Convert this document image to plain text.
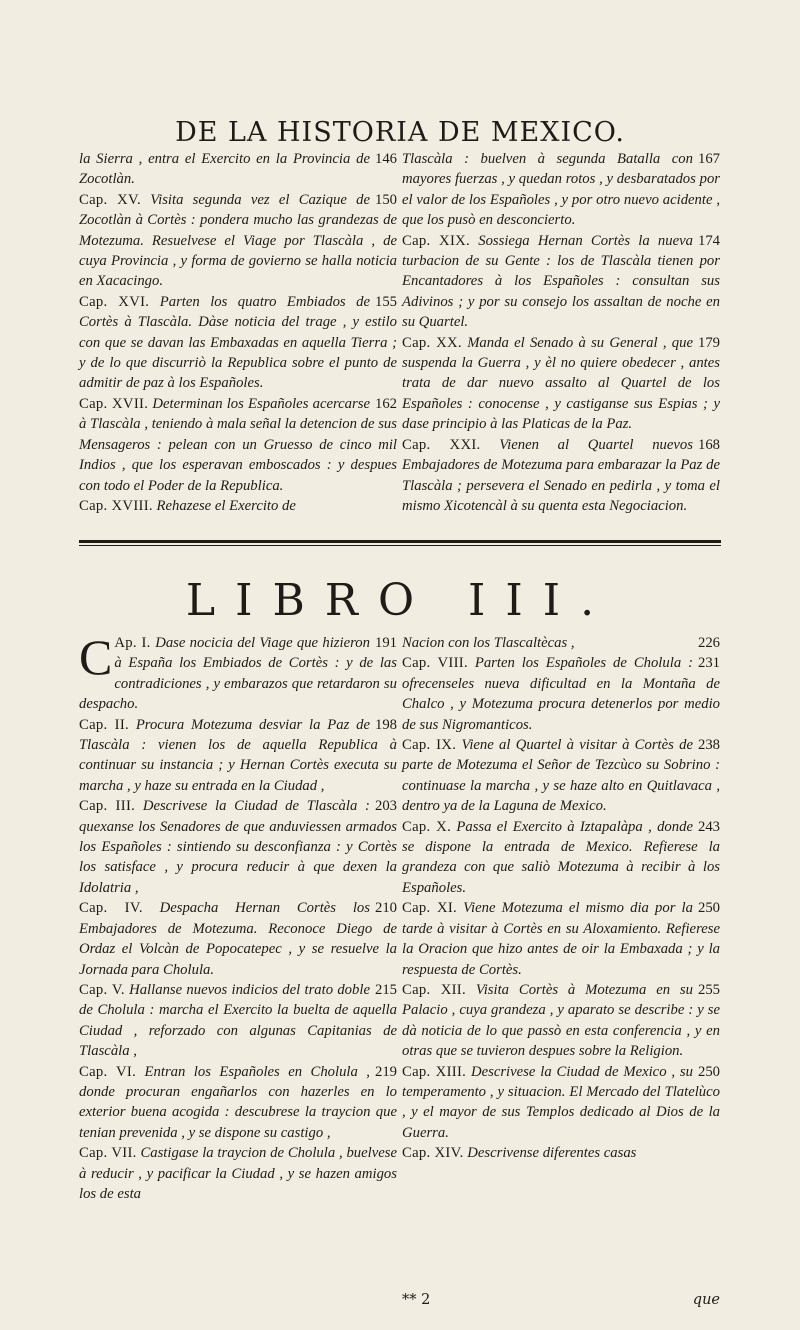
DE LA HISTORIA DE MEXICO.

146
la Sierra , entra el Exercito en la Provincia de Zocotlàn.

Cap. XV.	150
Visita segunda vez el Cazique de Zocotlàn à Cortès : pondera mucho las grandezas de Motezuma. Resuelvese el Viage por Tlascàla , de cuya Provincia , y forma de govierno se halla noticia en Xacacingo.

Cap. XVI.	155
Parten los quatro Embiados de Cortès à Tlascàla. Dàse noticia del trage , y estilo con que se davan las Embaxadas en aquella Tierra ; y de lo que discurriò la Republica sobre el punto de admitir de paz à los Españoles.

Cap. XVII.	162
Determinan los Españoles acercarse à Tlascàla , teniendo à mala señal la detencion de sus Mensageros : pelean con un Gruesso de cinco mil Indios , que los esperavan embosc​ados : y despues con todo el Poder de la Republica.

Cap. XVIII. Rehazese el Exercito de

167
Tlascàla : buelven à segunda Batalla con mayores fuerzas , y quedan rotos , y desbaratados por el valor de los Españoles , y por otro nuevo acidente , que los pusò en desconcierto.

Cap. XIX.	174
Sossiega Hernan Cortès la nueva turbacion de su Gente : los de Tlascàla tienen por Encantadores à los Españoles : consultan sus Adivinos ; y por su consejo los assaltan de noche en su Quartel.

Cap. XX.	179
Manda el Senado à su General , que suspenda la Guerra , y èl no quiere obedecer , antes trata de dar nuevo assalto al Quartel de los Españoles : conocense , y castiganse sus Espias ; y dase principio à las Platicas de la Paz.

Cap. XXI.	168
Vienen al Quartel nuevos Embajadores de Motezuma para embarazar la Paz de Tlascàla ; persevera el Senado en pedirla , y toma el mismo Xicotencàl à su quenta esta Negociacion.

LIBRO III.

C Ap. I.	191
Dase nocicia del Viage que hizieron à España los Embiados de Cortès : y de las contradiciones , y embarazos que retardaron su despacho.

Cap. II.	198
Procura Motezuma desviar la Paz de Tlascàla : vienen los de aquella Republica à continuar su instancia ; y Hernan Cortès executa su marcha , y haze su entrada en la Ciudad ,

Cap. III.	203
Descrivese la Ciudad de Tlascàla : quexanse los Senadores de que anduviessen armados los Españoles : sintiendo su desconfianza : y Cortès los satisface , y procura reducir à que dexen la Idolatria ,

Cap. IV.	210
Despacha Hernan Cortès los Embajadores de Motezuma. Reconoce Diego de Ordaz el Volcàn de Popocatepec , y se resuelve la Jornada para Cholula.

Cap. V.	215
Hallanse nuevos indicios del trato doble de Cholula : marcha el Exercito la buelta de aquella Ciudad , reforzado con algunas Capitanias de Tlascàla ,

Cap. VI.	219
Entran los Españoles en Cholula , donde procuran engañarlos con hazerles en lo exterior buena acogida : descubrese la traycion que tenian prevenida , y se dispone su castigo ,

Cap. VII. Castigase la traycion de Cholula , buelvese à reducir , y pacificar la Ciudad , y se hazen amigos los de esta

226
Nacion con los Tlascaltècas ,

Cap. VIII.	231
Parten los Españoles de Cholula : ofrecenseles nueva dificultad en la Montaña de Chalco , y Motezuma procura detenerlos por medio de sus Nigromanticos.

Cap. IX.	238
Viene al Quartel à visitar à Cortès de parte de Motezuma el Señor de Tezcùco su Sobrino : continuase la marcha , y se haze alto en Quitlavaca , dentro ya de la Laguna de Mexico.

Cap. X.	243
Passa el Exercito à Iztapalàpa , donde se dispone la entrada de Mexico. Refierese la grandeza con que saliò Motezuma à recibir à los Españoles.

Cap. XI.	250
Viene Motezuma el mismo dia por la tarde à visitar à Cortès en su Aloxamiento. Refierese la Oracion que hizo antes de oir la Embaxada ; y la respuesta de Cortès.

Cap. XII.	255
Visita Cortès à Motezuma en su Palacio , cuya grandeza , y aparato se describe : y se dà noticia de lo que passò en esta conferencia , y en otras que se tuvieron despues sobre la Religion.

Cap. XIII.	250
Descrivese la Ciudad de Mexico , su temperamento , y situacion. El Mercado del Tlatelùco , y el mayor de sus Templos dedicado al Dios de la Guerra.

Cap. XIV. Descrivense diferentes casas

** 2	que
